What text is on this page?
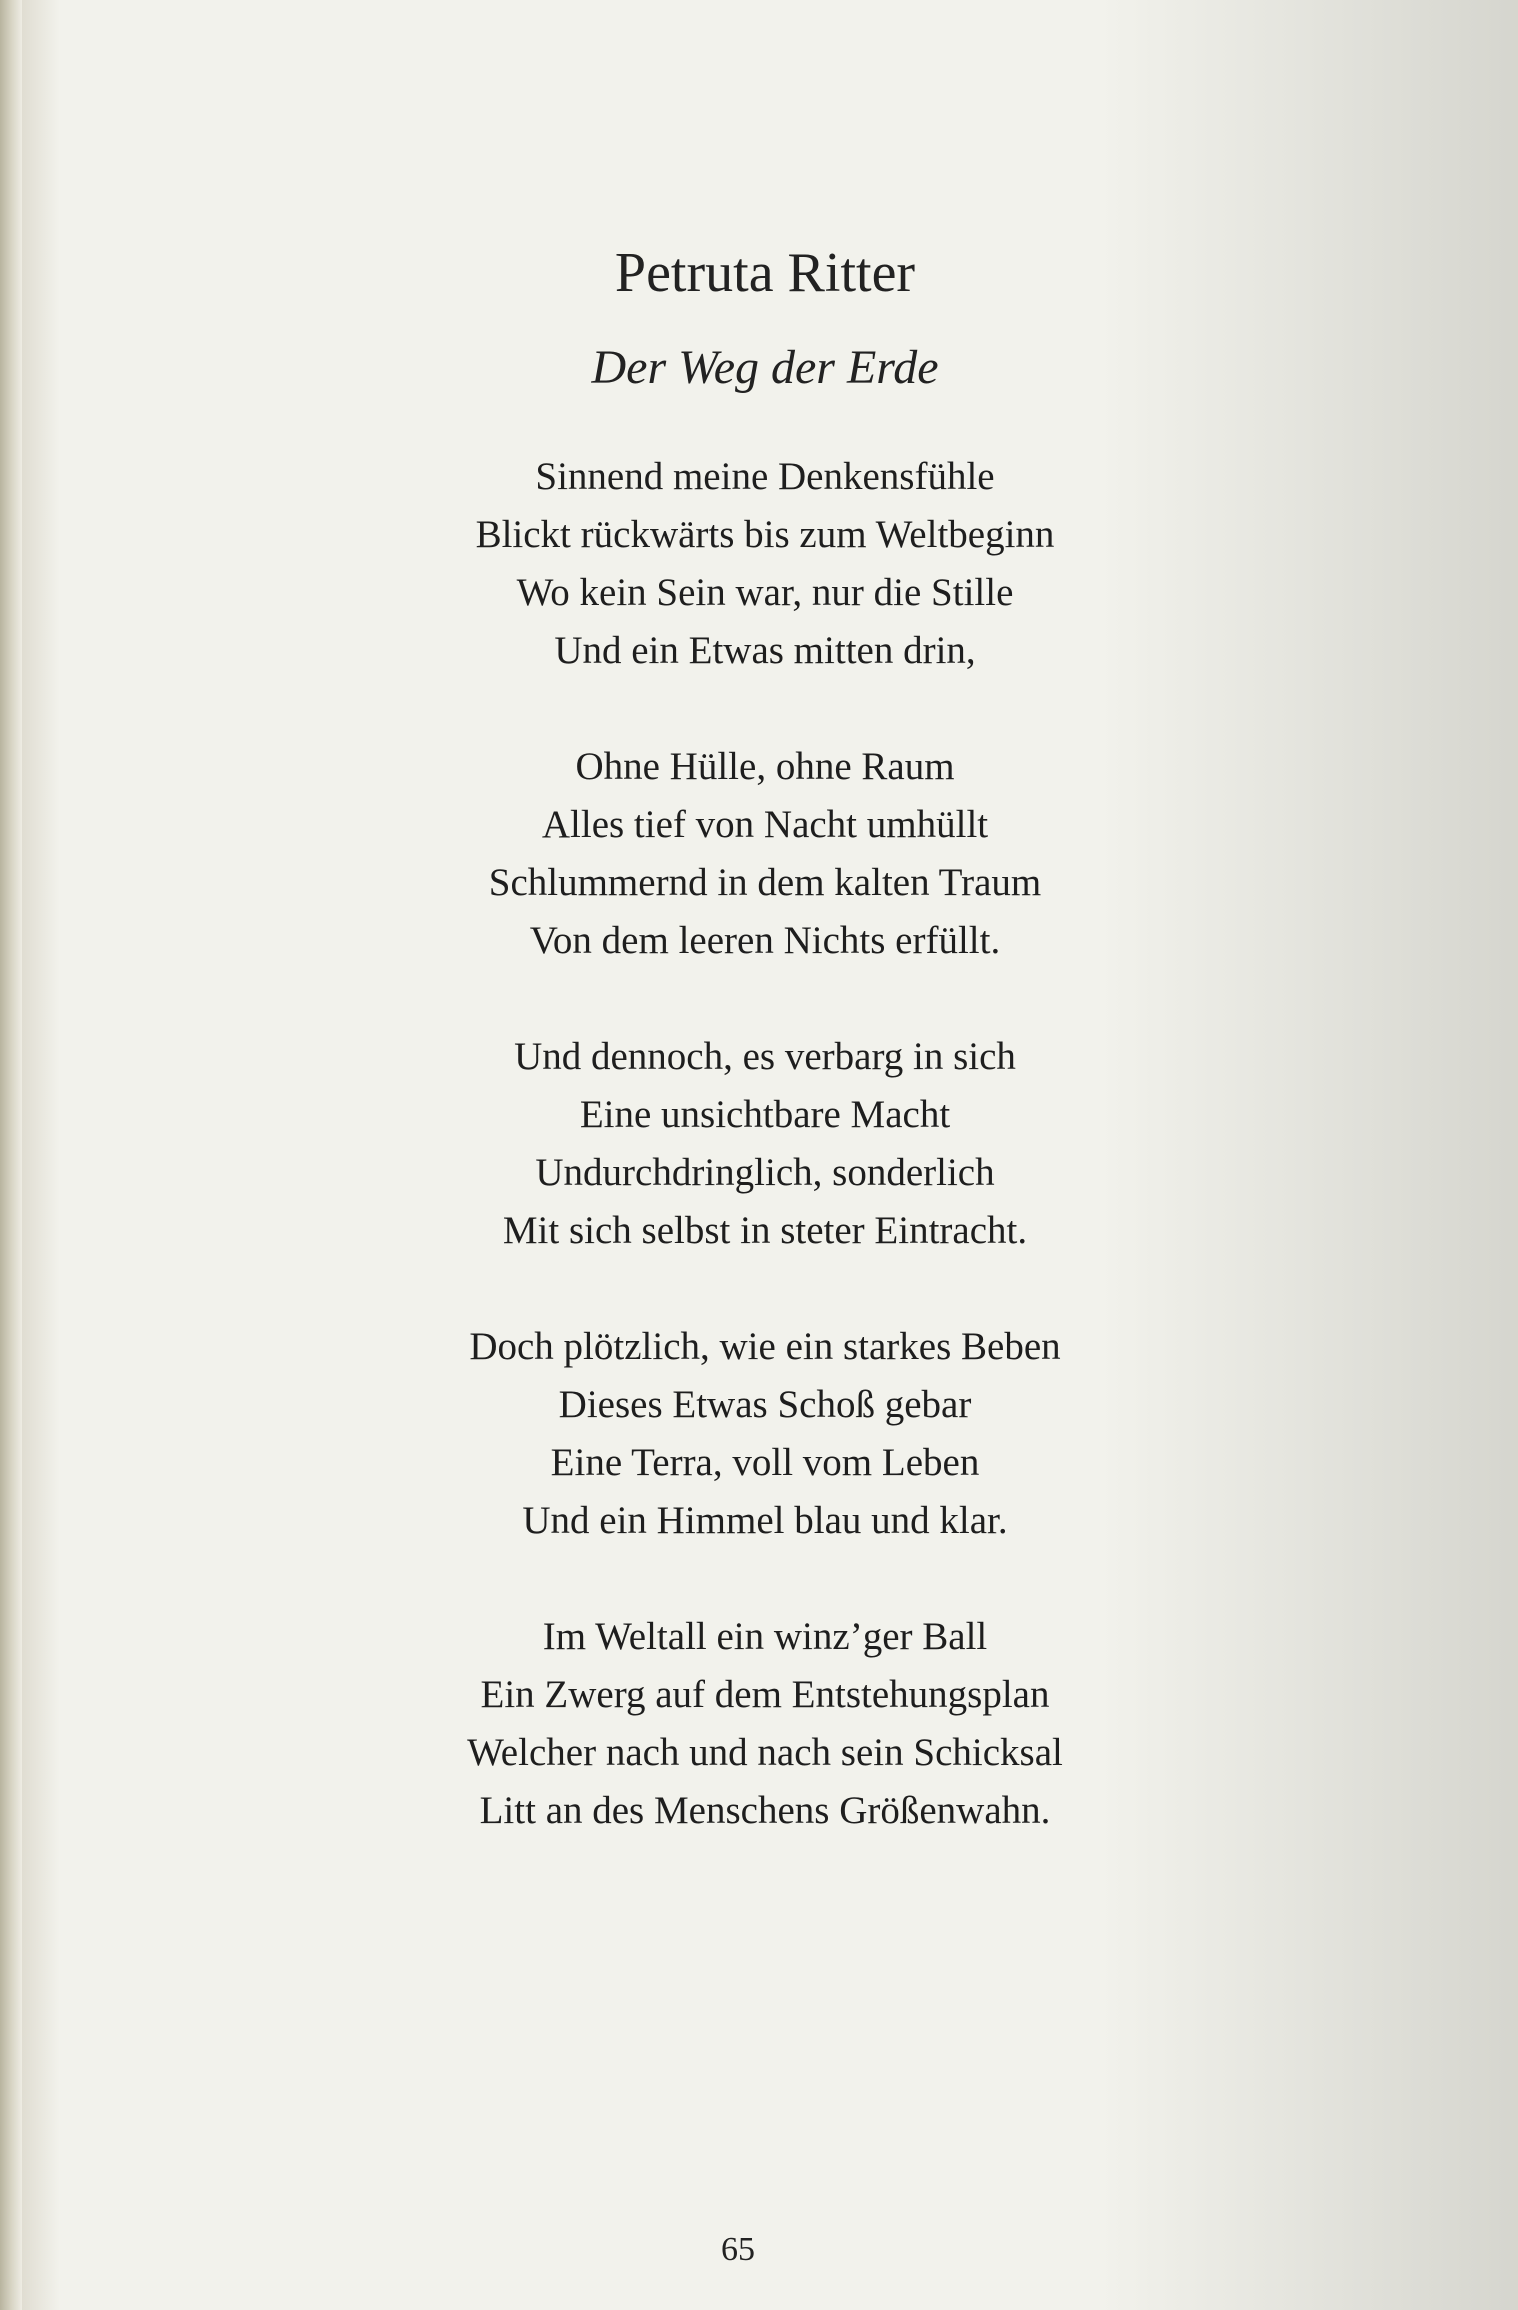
Petruta Ritter
Der Weg der Erde
Sinnend meine Denkensfühle
Blickt rückwärts bis zum Weltbeginn
Wo kein Sein war, nur die Stille
Und ein Etwas mitten drin,
Ohne Hülle, ohne Raum
Alles tief von Nacht umhüllt
Schlummernd in dem kalten Traum
Von dem leeren Nichts erfüllt.
Und dennoch, es verbarg in sich
Eine unsichtbare Macht
Undurchdringlich, sonderlich
Mit sich selbst in steter Eintracht.
Doch plötzlich, wie ein starkes Beben
Dieses Etwas Schoß gebar
Eine Terra, voll vom Leben
Und ein Himmel blau und klar.
Im Weltall ein winz’ger Ball
Ein Zwerg auf dem Entstehungsplan
Welcher nach und nach sein Schicksal
Litt an des Menschens Größenwahn.
65
